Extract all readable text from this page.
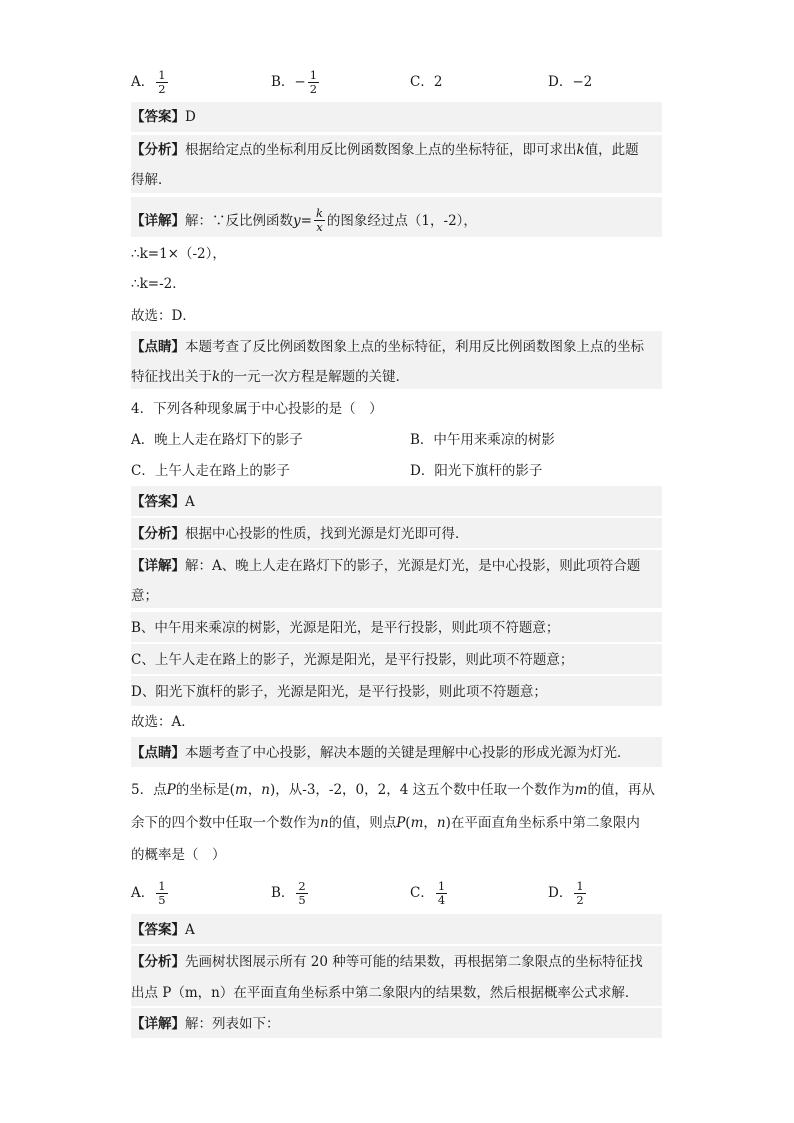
A． $\frac{1}{2}$	B． − $\frac{1}{2}$	C． 2	D． −2
【答案】D
【分析】根据给定点的坐标利用反比例函数图象上点的坐标特征，即可求出k值，此题
得解．
【详解】 解：∵反比例函数 $y = \frac{k}{x}$ 的图象经过点（1，-2），
∴k=1×（-2），
∴k=-2．
故选：D．
【点睛】本题考查了反比例函数图象上点的坐标特征，利用反比例函数图象上点的坐标
特征找出关于k的一元一次方程是解题的关键．
4．下列各种现象属于中心投影的是（　）
A．晚上人走在路灯下的影子	B．中午用来乘凉的树影
C．上午人走在路上的影子	D．阳光下旗杆的影子
【答案】A
【分析】根据中心投影的性质，找到光源是灯光即可得．
【详解】解：A、晚上人走在路灯下的影子，光源是灯光，是中心投影，则此项符合题
意；
B、中午用来乘凉的树影，光源是阳光，是平行投影，则此项不符题意；
C、上午人走在路上的影子，光源是阳光，是平行投影，则此项不符题意；
D、阳光下旗杆的影子，光源是阳光，是平行投影，则此项不符题意；
故选：A．
【点睛】本题考查了中心投影，解决本题的关键是理解中心投影的形成光源为灯光．
5．点P的坐标是(m，n)，从-3，-2，0，2，4 这五个数中任取一个数作为m的值，再从
余下的四个数中任取一个数作为n的值，则点P(m，n)在平面直角坐标系中第二象限内
的概率是（　）
A． $\frac{1}{5}$	B． $\frac{2}{5}$	C． $\frac{1}{4}$	D． $\frac{1}{2}$
【答案】A
【分析】先画树状图展示所有 20 种等可能的结果数，再根据第二象限点的坐标特征找
出点 P（m，n）在平面直角坐标系中第二象限内的结果数，然后根据概率公式求解．
【详解】解：列表如下：
